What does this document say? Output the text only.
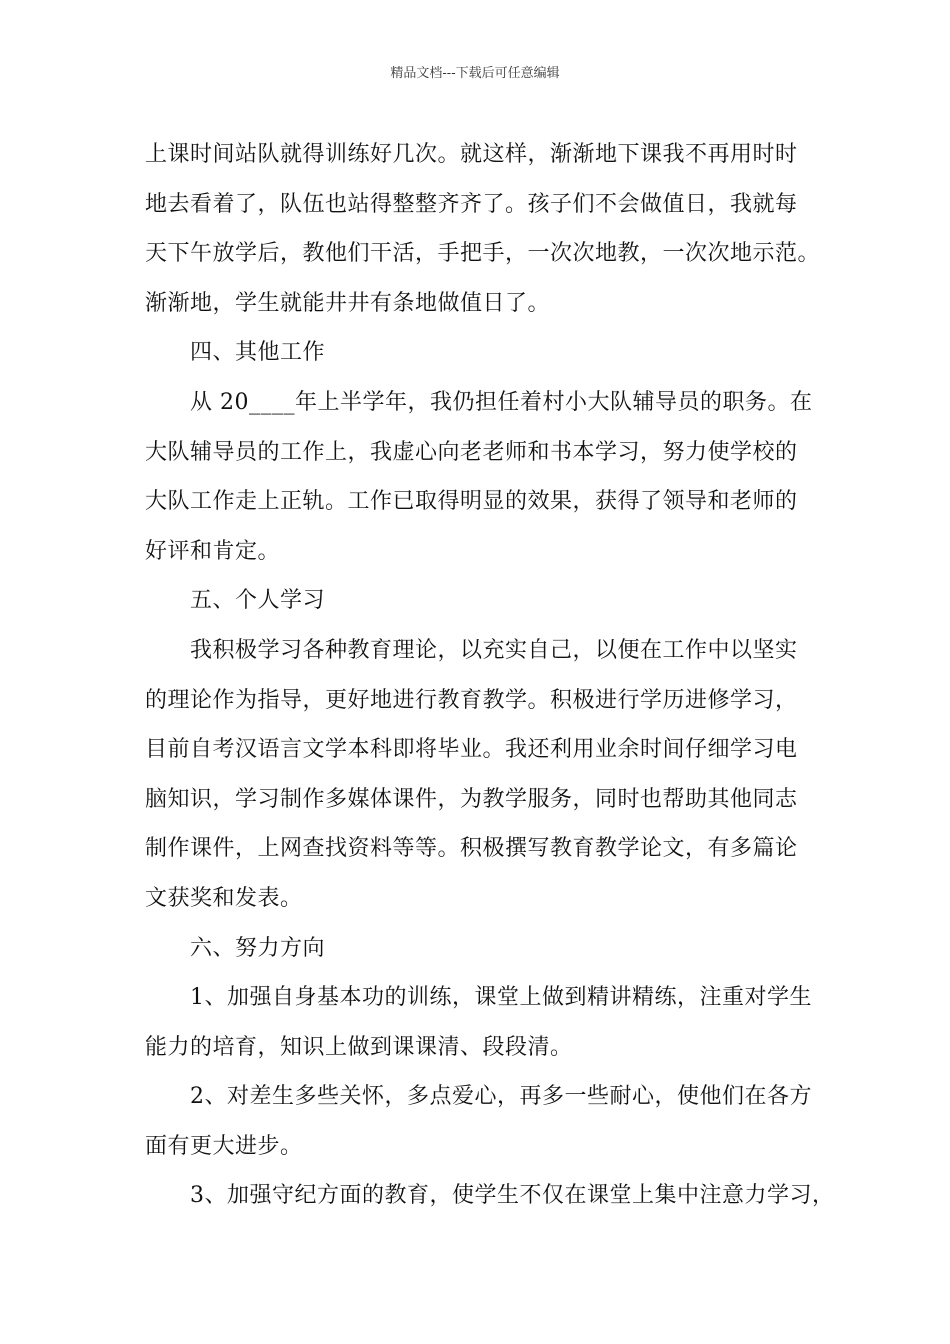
精品文档---下载后可任意编辑
上课时间站队就得训练好几次。就这样，渐渐地下课我不再用时时
地去看着了，队伍也站得整整齐齐了。孩子们不会做值日，我就每
天下午放学后，教他们干活，手把手，一次次地教，一次次地示范。
渐渐地，学生就能井井有条地做值日了。
四、其他工作
从 20____年上半学年，我仍担任着村小大队辅导员的职务。在
大队辅导员的工作上，我虚心向老老师和书本学习，努力使学校的
大队工作走上正轨。工作已取得明显的效果，获得了领导和老师的
好评和肯定。
五、个人学习
我积极学习各种教育理论，以充实自己，以便在工作中以坚实
的理论作为指导，更好地进行教育教学。积极进行学历进修学习，
目前自考汉语言文学本科即将毕业。我还利用业余时间仔细学习电
脑知识，学习制作多媒体课件，为教学服务，同时也帮助其他同志
制作课件，上网查找资料等等。积极撰写教育教学论文，有多篇论
文获奖和发表。
六、努力方向
1、加强自身基本功的训练，课堂上做到精讲精练，注重对学生
能力的培育，知识上做到课课清、段段清。
2、对差生多些关怀，多点爱心，再多一些耐心，使他们在各方
面有更大进步。
3、加强守纪方面的教育，使学生不仅在课堂上集中注意力学习，
